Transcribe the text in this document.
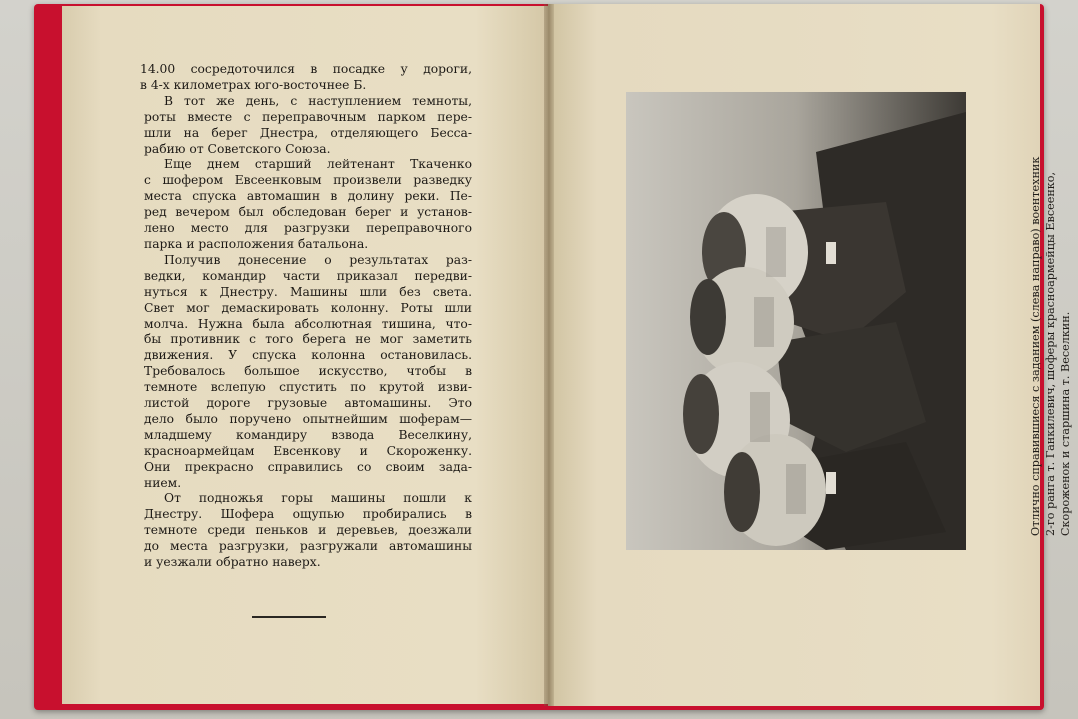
14.00 сосредоточился в посадке у дороги,
в 4-х километрах юго-восточнее Б.
В тот же день, с наступлением темноты,
роты вместе с переправочным парком пере-
шли на берег Днестра, отделяющего Бесса-
рабию от Советского Союза.
Еще днем старший лейтенант Ткаченко
с шофером Евсеенковым произвели разведку
места спуска автомашин в долину реки. Пе-
ред вечером был обследован берег и установ-
лено место для разгрузки переправочного
парка и расположения батальона.
Получив донесение о результатах раз-
ведки, командир части приказал передви-
нуться к Днестру. Машины шли без света.
Свет мог демаскировать колонну. Роты шли
молча. Нужна была абсолютная тишина, что-
бы противник с того берега не мог заметить
движения. У спуска колонна остановилась.
Требовалось большое искусство, чтобы в
темноте вслепую спустить по крутой изви-
листой дороге грузовые автомашины. Это
дело было поручено опытнейшим шоферам—
младшему командиру взвода Веселкину,
красноармейцам Евсенкову и Скороженку.
Они прекрасно справились со своим зада-
нием.
От подножья горы машины пошли к
Днестру. Шофера ощупью пробирались в
темноте среди пеньков и деревьев, доезжали
до места разгрузки, разгружали автомашины
и уезжали обратно наверх.
Отлично справившиеся с заданием (слева направо) воентехник 2-го ранга т. Ганкилевич, шоферы красноармейцы Евсеенко, Скороженок и старшина т. Веселкин.
